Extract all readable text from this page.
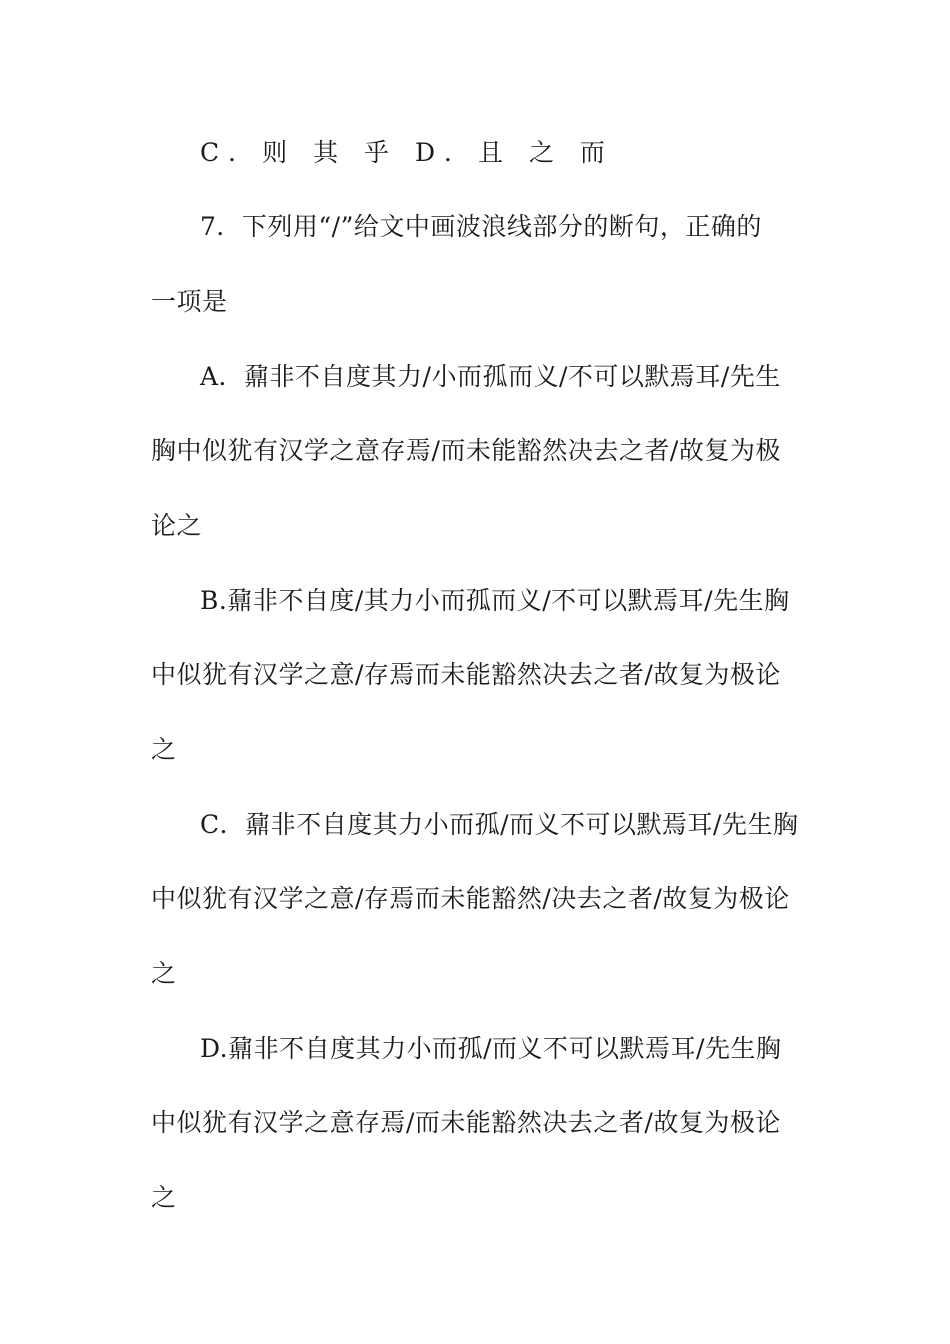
C．则 其 乎 D．且 之 而
7．下列用“/”给文中画波浪线部分的断句，正确的
一项是
A．鼐非不自度其力/小而孤而义/不可以默焉耳/先生
胸中似犹有汉学之意存焉/而未能豁然决去之者/故复为极
论之
B.鼐非不自度/其力小而孤而义/不可以默焉耳/先生胸
中似犹有汉学之意/存焉而未能豁然决去之者/故复为极论
之
C．鼐非不自度其力小而孤/而义不可以默焉耳/先生胸
中似犹有汉学之意/存焉而未能豁然/决去之者/故复为极论
之
D.鼐非不自度其力小而孤/而义不可以默焉耳/先生胸
中似犹有汉学之意存焉/而未能豁然决去之者/故复为极论
之
